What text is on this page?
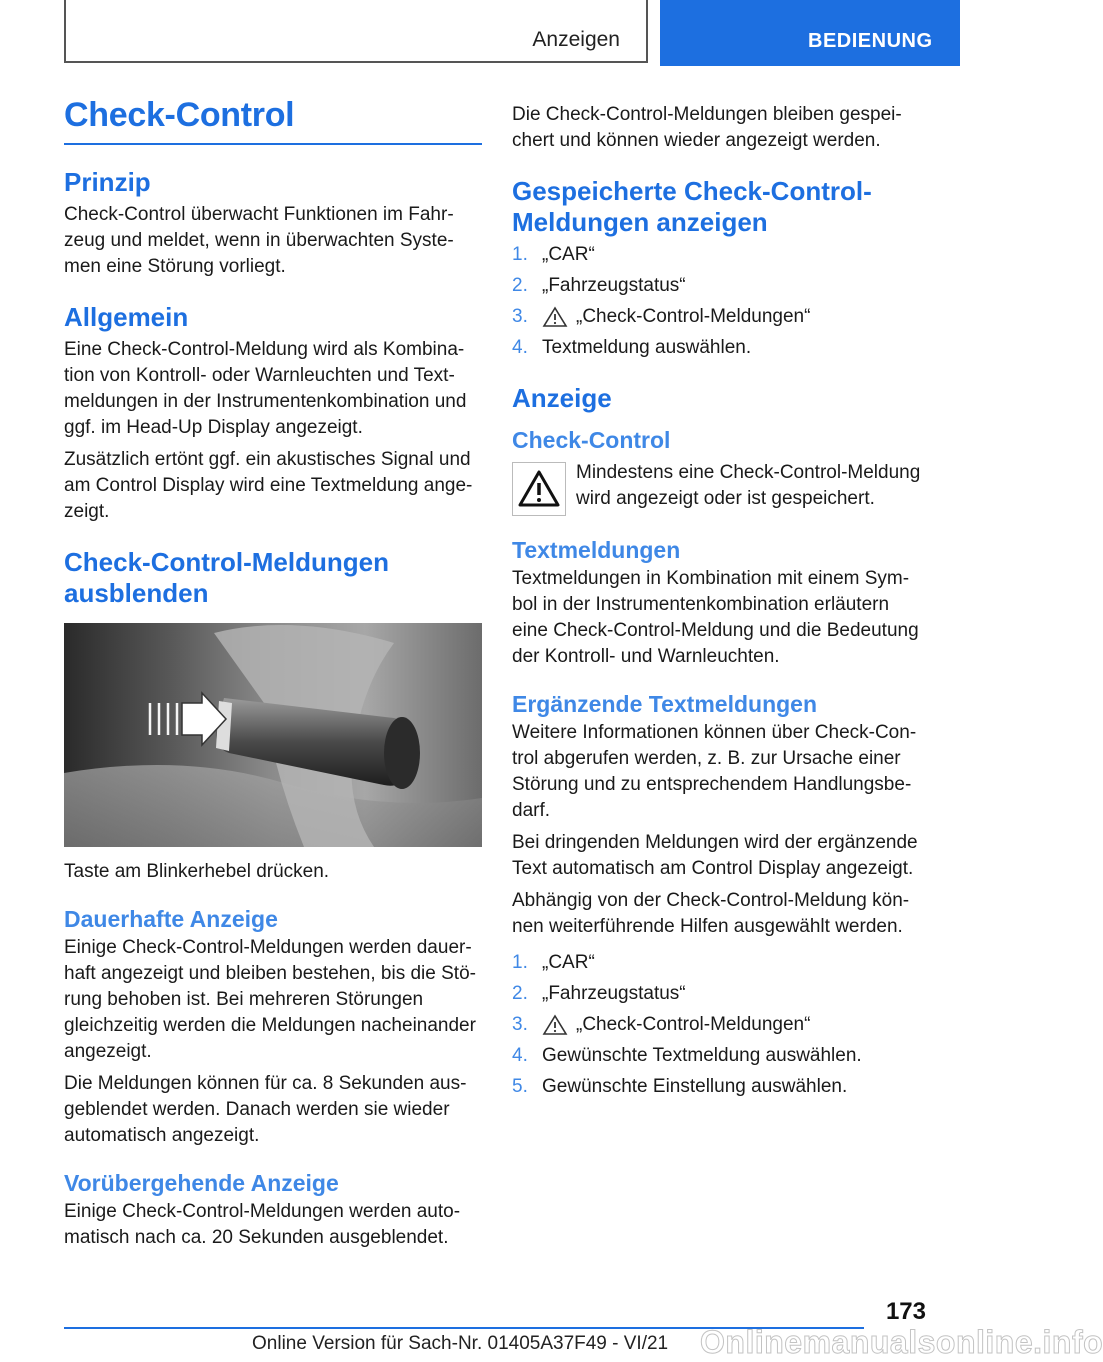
Anzeigen	BEDIENUNG
Check-Control
Prinzip

Check-Control überwacht Funktionen im Fahrzeug und meldet, wenn in überwachten Systemen eine Störung vorliegt.

Allgemein

Eine Check-Control-Meldung wird als Kombination von Kontroll- oder Warnleuchten und Textmeldungen in der Instrumentenkombination und ggf. im Head-Up Display angezeigt.

Zusätzlich ertönt ggf. ein akustisches Signal und am Control Display wird eine Textmeldung angezeigt.

Check-Control-Meldungen ausblenden

Taste am Blinkerhebel drücken.

Dauerhafte Anzeige

Einige Check-Control-Meldungen werden dauerhaft angezeigt und bleiben bestehen, bis die Störung behoben ist. Bei mehreren Störungen gleichzeitig werden die Meldungen nacheinander angezeigt.

Die Meldungen können für ca. 8 Sekunden ausgeblendet werden. Danach werden sie wieder automatisch angezeigt.

Vorübergehende Anzeige

Einige Check-Control-Meldungen werden automatisch nach ca. 20 Sekunden ausgeblendet.

Die Check-Control-Meldungen bleiben gespeichert und können wieder angezeigt werden.

Gespeicherte Check-Control-Meldungen anzeigen
1. „CAR“
2. „Fahrzeugstatus“
3.	„Check-Control-Meldungen“
4. Textmeldung auswählen.
Anzeige
Check-Control

Mindestens eine Check-Control-Meldung wird angezeigt oder ist gespeichert.

Textmeldungen

Textmeldungen in Kombination mit einem Symbol in der Instrumentenkombination erläutern eine Check-Control-Meldung und die Bedeutung der Kontroll- und Warnleuchten.

Ergänzende Textmeldungen

Weitere Informationen können über Check-Control abgerufen werden, z. B. zur Ursache einer Störung und zu entsprechendem Handlungsbedarf.

Bei dringenden Meldungen wird der ergänzende Text automatisch am Control Display angezeigt.

Abhängig von der Check-Control-Meldung können weiterführende Hilfen ausgewählt werden.

1. „CAR“
2. „Fahrzeugstatus“
3.	„Check-Control-Meldungen“
4. Gewünschte Textmeldung auswählen.
5. Gewünschte Einstellung auswählen.
173
Online Version für Sach-Nr. 01405A37F49 - VI/21 Onlinemanualsonline.info
